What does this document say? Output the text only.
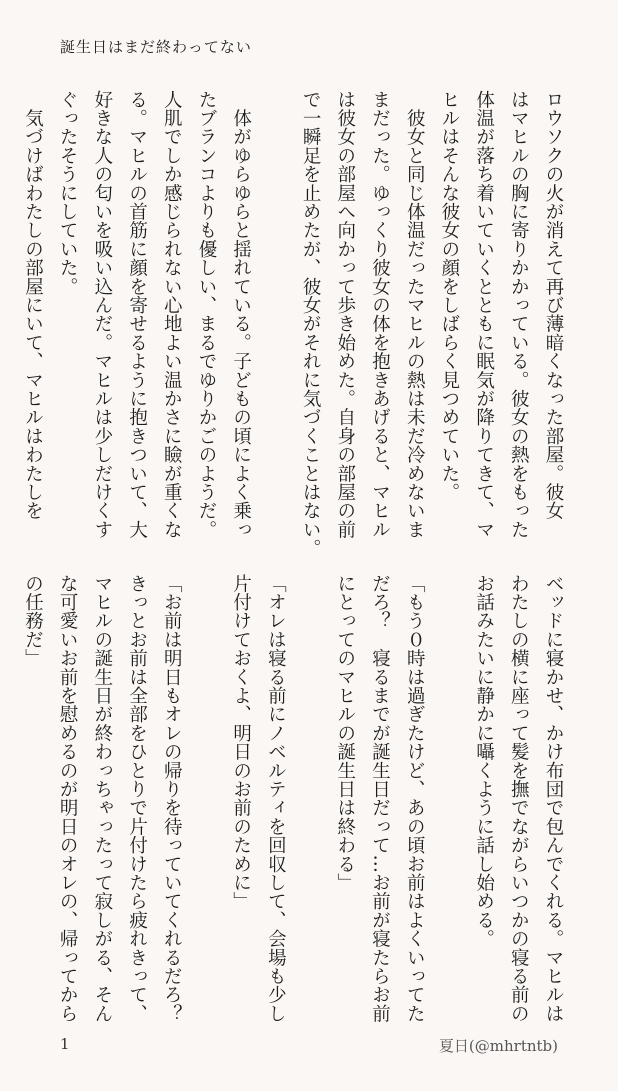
誕生日はまだ終わってない
ロウソクの火が消えて再び薄暗くなった部屋。彼女
はマヒルの胸に寄りかかっている。彼女の熱をもった
体温が落ち着いていくとともに眠気が降りてきて、マ
ヒルはそんな彼女の顔をしばらく見つめていた。
　彼女と同じ体温だったマヒルの熱は未だ冷めないま
まだった。ゆっくり彼女の体を抱きあげると、マヒル
は彼女の部屋へ向かって歩き始めた。自身の部屋の前
で一瞬足を止めたが、彼女がそれに気づくことはない。

　体がゆらゆらと揺れている。子どもの頃によく乗っ
たブランコよりも優しい、まるでゆりかごのようだ。
人肌でしか感じられない心地よい温かさに瞼が重くな
る。マヒルの首筋に顔を寄せるように抱きついて、大
好きな人の匂いを吸い込んだ。マヒルは少しだけくす
ぐったそうにしていた。
　気づけばわたしの部屋にいて、マヒルはわたしを
ベッドに寝かせ、かけ布団で包んでくれる。マヒルは
わたしの横に座って髪を撫でながらいつかの寝る前の
お話みたいに静かに囁くように話し始める。

「もう０時は過ぎたけど、あの頃お前はよくいってた
だろ？　寝るまでが誕生日だって…お前が寝たらお前
にとってのマヒルの誕生日は終わる」

「オレは寝る前にノベルティを回収して、会場も少し
片付けておくよ、明日のお前のために」

「お前は明日もオレの帰りを待っていてくれるだろ？
きっとお前は全部をひとりで片付けたら疲れきって、
マヒルの誕生日が終わっちゃったって寂しがる、そん
な可愛いお前を慰めるのが明日のオレの、帰ってから
の任務だ」
1	夏日(@mhrtntb)
